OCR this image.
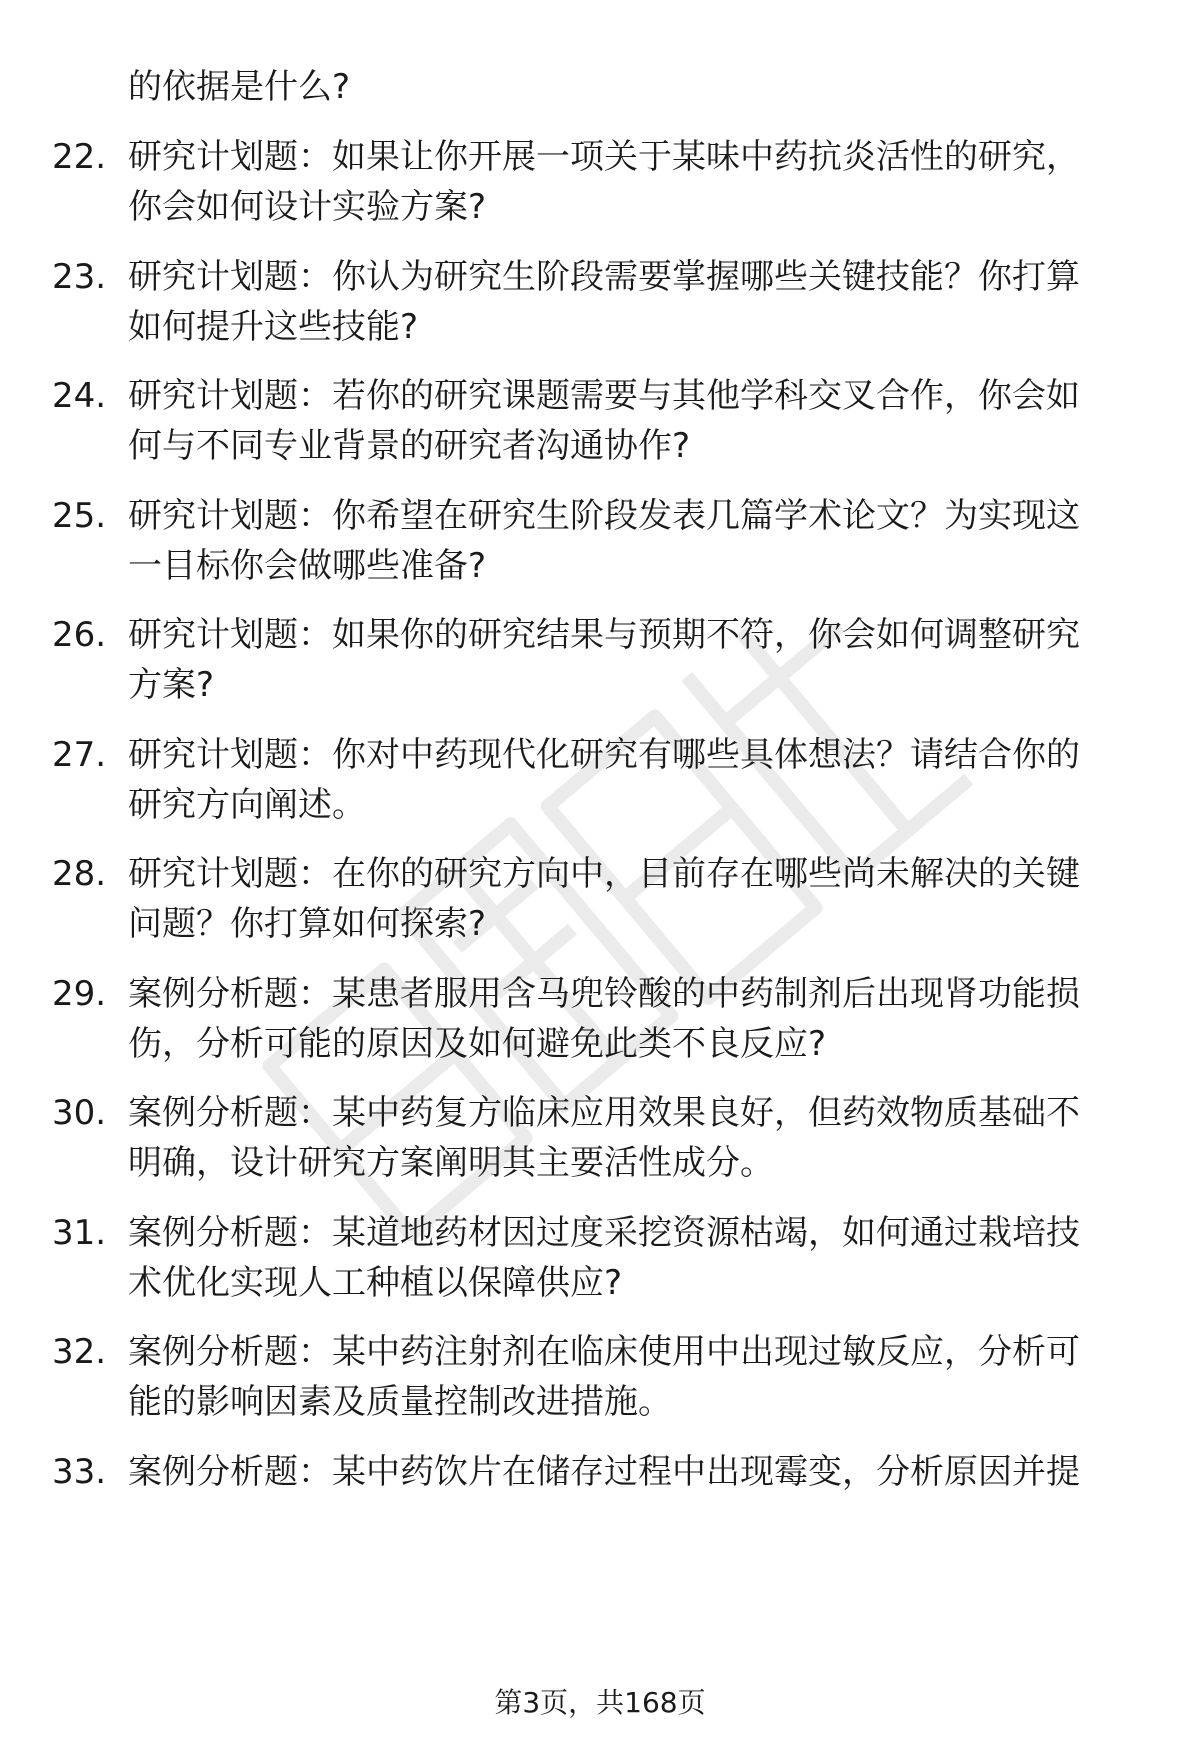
的依据是什么?
22. 研究计划题：如果让你开展一项关于某味中药抗炎活性的研究，
你会如何设计实验方案?
23. 研究计划题：你认为研究生阶段需要掌握哪些关键技能？你打算
如何提升这些技能?
24. 研究计划题：若你的研究课题需要与其他学科交叉合作，你会如
何与不同专业背景的研究者沟通协作?
25. 研究计划题：你希望在研究生阶段发表几篇学术论文？为实现这
一目标你会做哪些准备?
26. 研究计划题：如果你的研究结果与预期不符，你会如何调整研究
方案?
27. 研究计划题：你对中药现代化研究有哪些具体想法？请结合你的
研究方向阐述。
28. 研究计划题：在你的研究方向中，目前存在哪些尚未解决的关键
问题？你打算如何探索?
29. 案例分析题：某患者服用含马兜铃酸的中药制剂后出现肾功能损
伤，分析可能的原因及如何避免此类不良反应?
30. 案例分析题：某中药复方临床应用效果良好，但药效物质基础不
明确，设计研究方案阐明其主要活性成分。
31. 案例分析题：某道地药材因过度采挖资源枯竭，如何通过栽培技
术优化实现人工种植以保障供应?
32. 案例分析题：某中药注射剂在临床使用中出现过敏反应，分析可
能的影响因素及质量控制改进措施。
33. 案例分析题：某中药饮片在储存过程中出现霉变，分析原因并提
第3页，共168页
